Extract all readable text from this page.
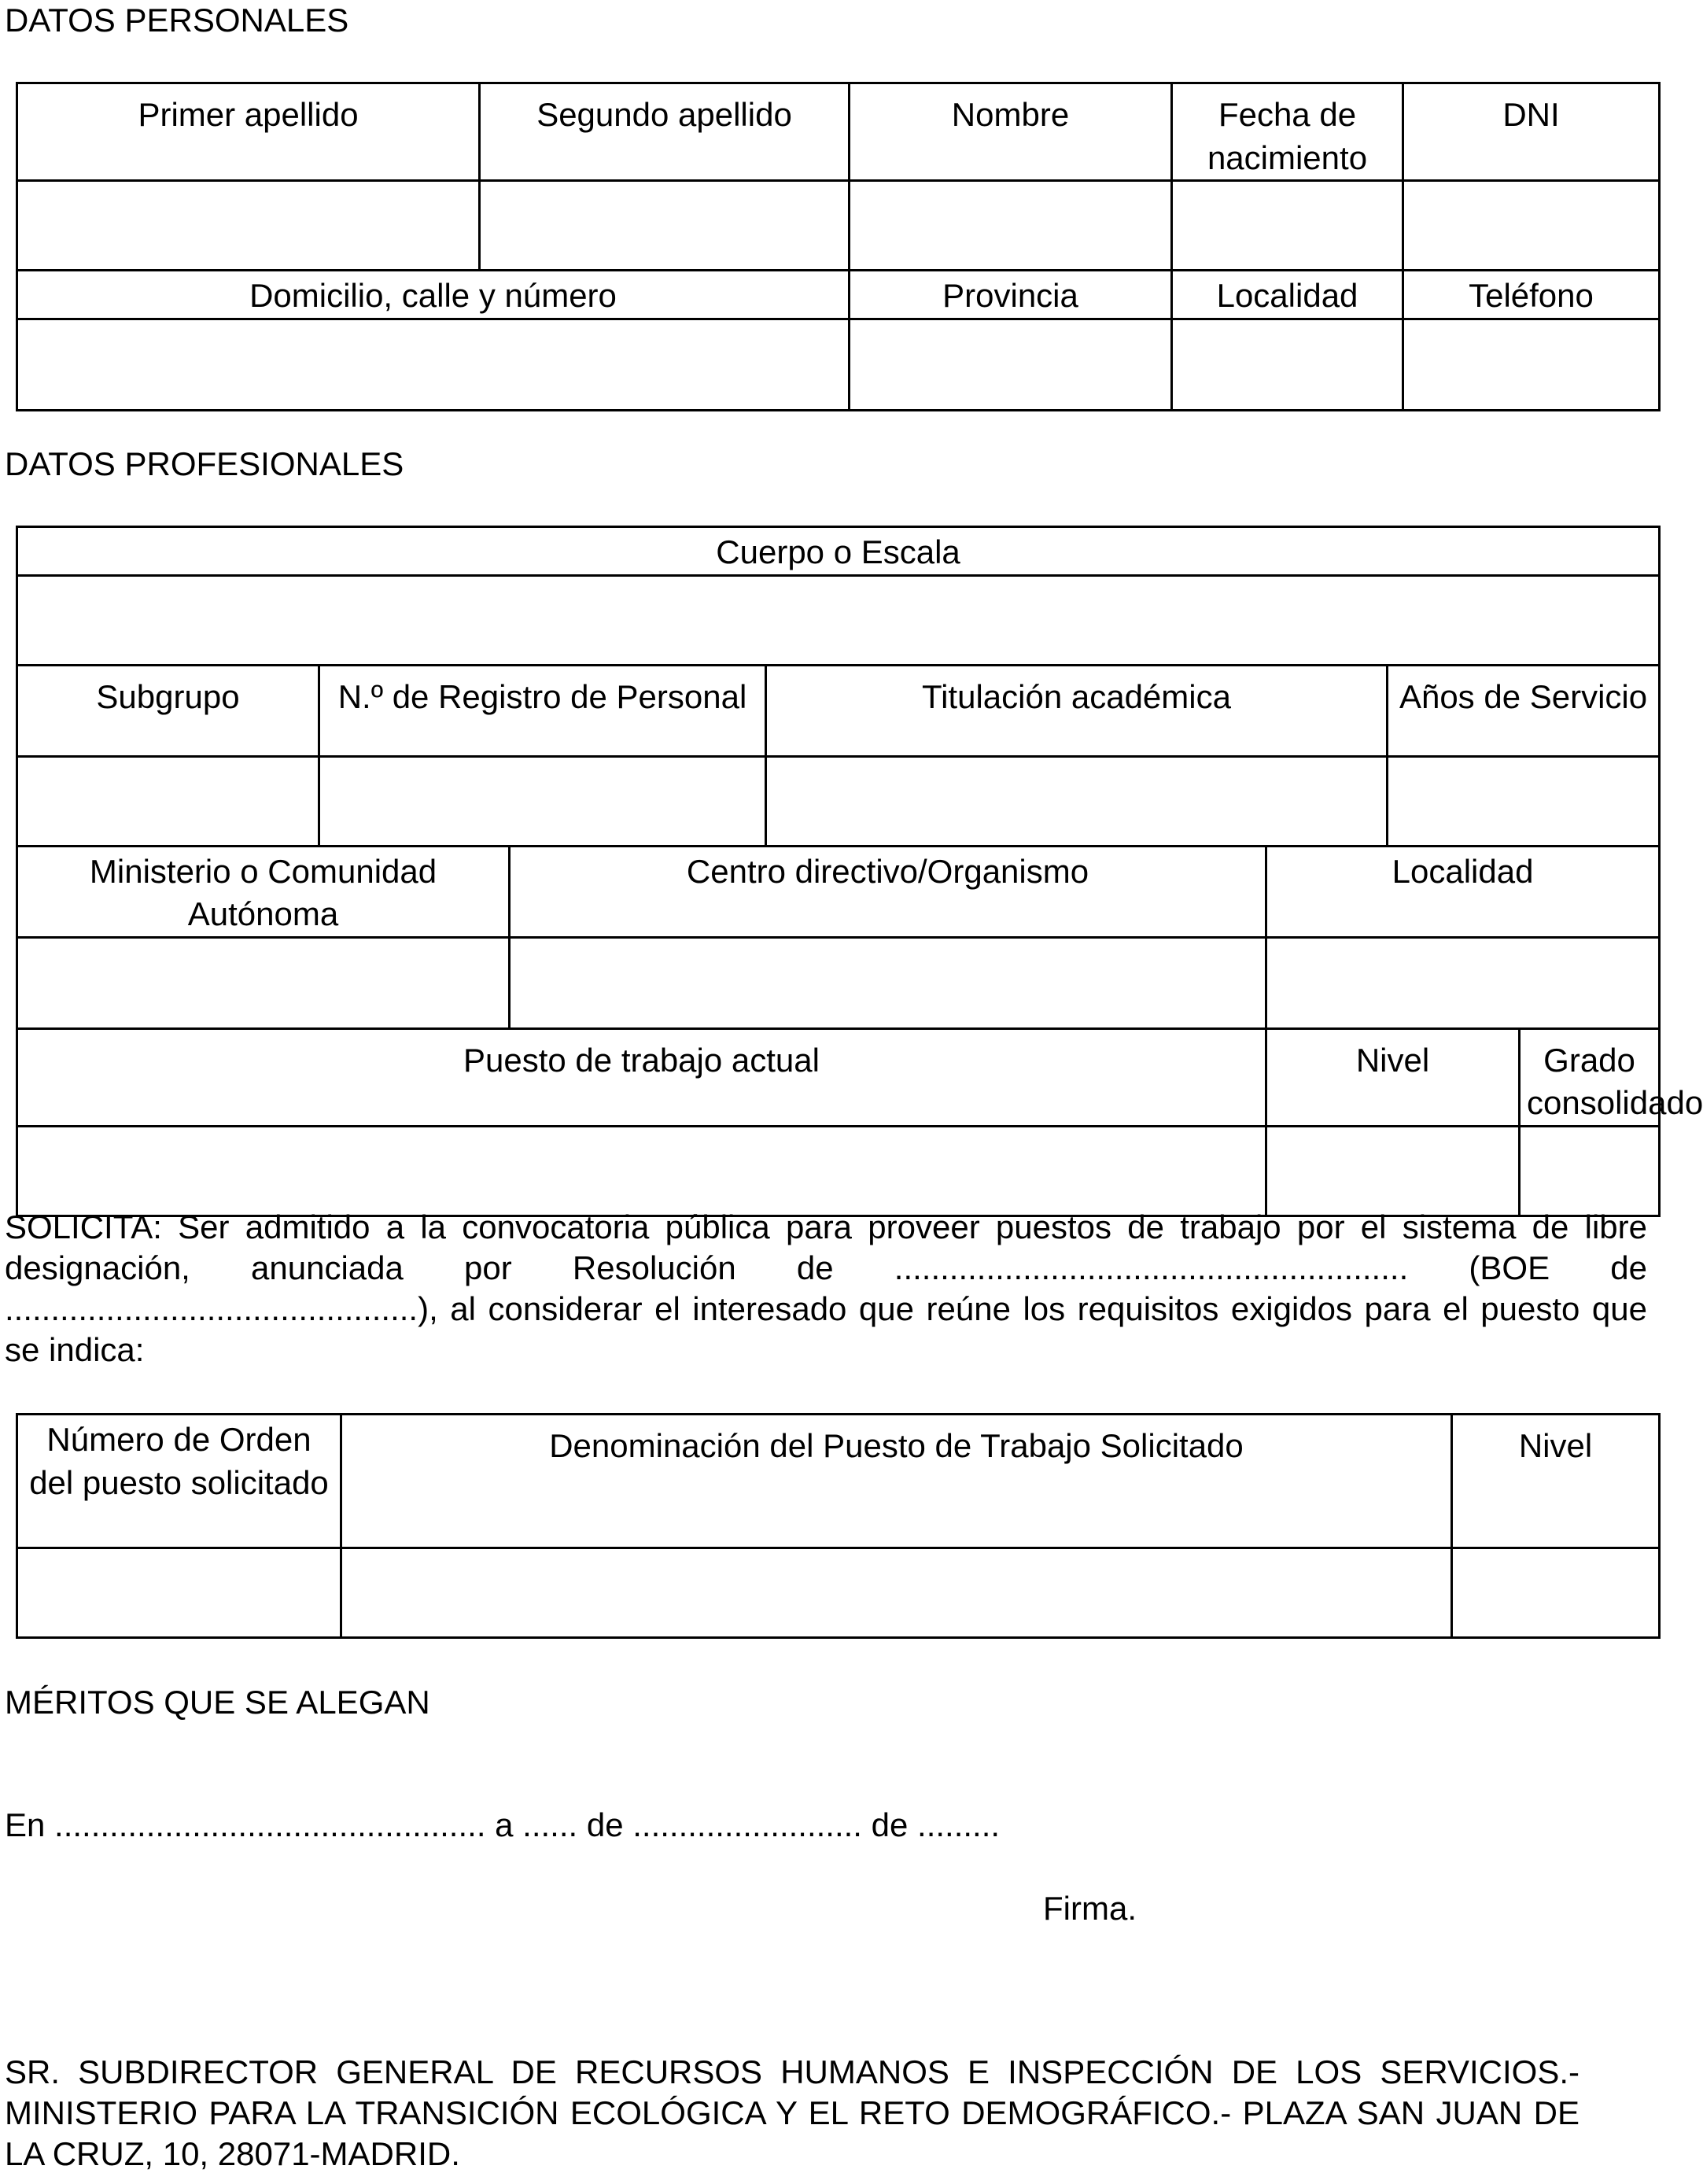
DATOS PERSONALES
Primer apellido	Segundo apellido	Nombre	Fecha de nacimiento	DNI

Domicilio, calle y número		Provincia	Localidad	Teléfono

DATOS PROFESIONALES
Cuerpo o Escala						

Subgrupo	N.º de Registro de Personal		Titulación académica		Años de Servicio	

Ministerio o Comunidad Autónoma		Centro directivo/Organismo		Localidad		

Puesto de trabajo actual				Nivel		Grado consolidado

SOLICITA: Ser admitido a la convocatoria pública para proveer puestos de trabajo por el sistema de libre designación, anunciada por Resolución de ........................................................ (BOE de .............................................), al considerar el interesado que reúne los requisitos exigidos para el puesto que se indica:

Número de Orden del puesto solicitado	Denominación del Puesto de Trabajo Solicitado	Nivel

MÉRITOS QUE SE ALEGAN

En ............................................... a ...... de ......................... de .........

Firma.

SR. SUBDIRECTOR GENERAL DE RECURSOS HUMANOS E INSPECCIÓN DE LOS SERVICIOS.-MINISTERIO PARA LA TRANSICIÓN ECOLÓGICA Y EL RETO DEMOGRÁFICO.- PLAZA SAN JUAN DE LA CRUZ, 10, 28071-MADRID.
